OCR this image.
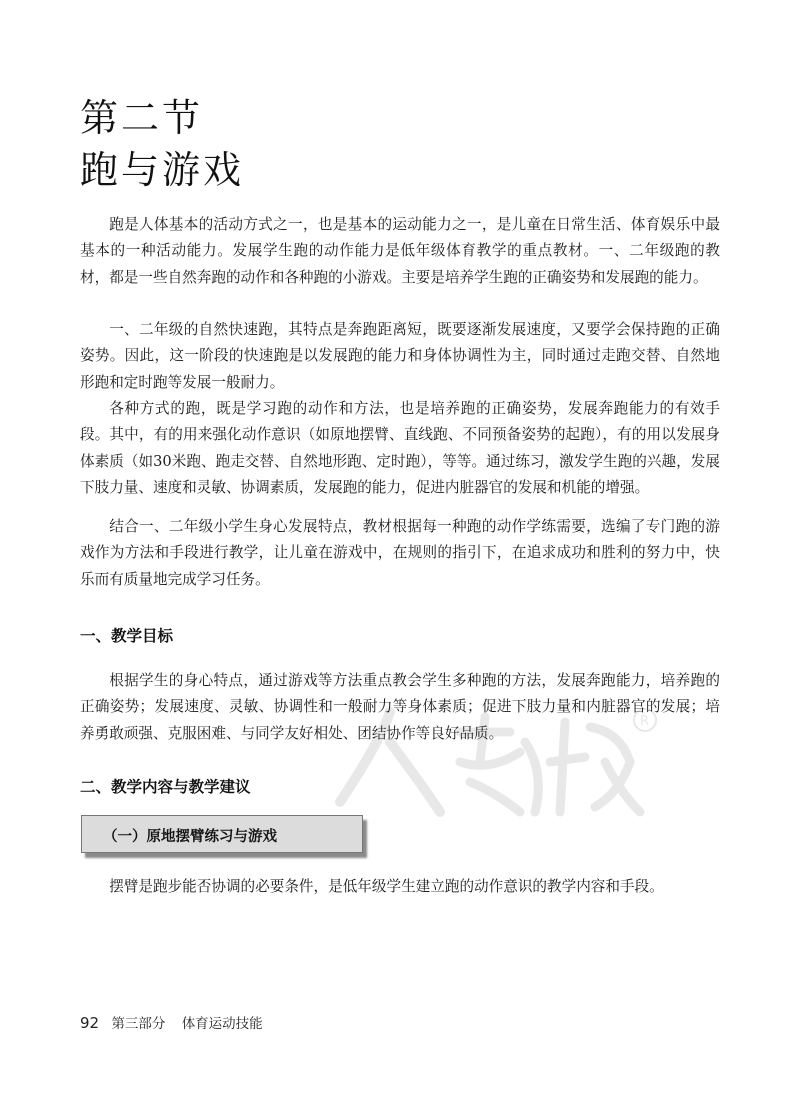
第二节
跑与游戏

跑是人体基本的活动方式之一，也是基本的运动能力之一，是儿童在日常生活、体育娱乐中最基本的一种活动能力。发展学生跑的动作能力是低年级体育教学的重点教材。一、二年级跑的教材，都是一些自然奔跑的动作和各种跑的小游戏。主要是培养学生跑的正确姿势和发展跑的能力。

一、二年级的自然快速跑，其特点是奔跑距离短，既要逐渐发展速度，又要学会保持跑的正确姿势。因此，这一阶段的快速跑是以发展跑的能力和身体协调性为主，同时通过走跑交替、自然地形跑和定时跑等发展一般耐力。

各种方式的跑，既是学习跑的动作和方法，也是培养跑的正确姿势，发展奔跑能力的有效手段。其中，有的用来强化动作意识（如原地摆臂、直线跑、不同预备姿势的起跑），有的用以发展身体素质（如30米跑、跑走交替、自然地形跑、定时跑），等等。通过练习，激发学生跑的兴趣，发展下肢力量、速度和灵敏、协调素质，发展跑的能力，促进内脏器官的发展和机能的增强。

结合一、二年级小学生身心发展特点，教材根据每一种跑的动作学练需要，选编了专门跑的游戏作为方法和手段进行教学，让儿童在游戏中，在规则的指引下，在追求成功和胜利的努力中，快乐而有质量地完成学习任务。

一、教学目标

根据学生的身心特点，通过游戏等方法重点教会学生多种跑的方法，发展奔跑能力，培养跑的正确姿势；发展速度、灵敏、协调性和一般耐力等身体素质；促进下肢力量和内脏器官的发展；培养勇敢顽强、克服困难、与同学友好相处、团结协作等良好品质。

R
二、教学内容与教学建议
（一）原地摆臂练习与游戏

摆臂是跑步能否协调的必要条件，是低年级学生建立跑的动作意识的教学内容和手段。

92 第三部分 体育运动技能
